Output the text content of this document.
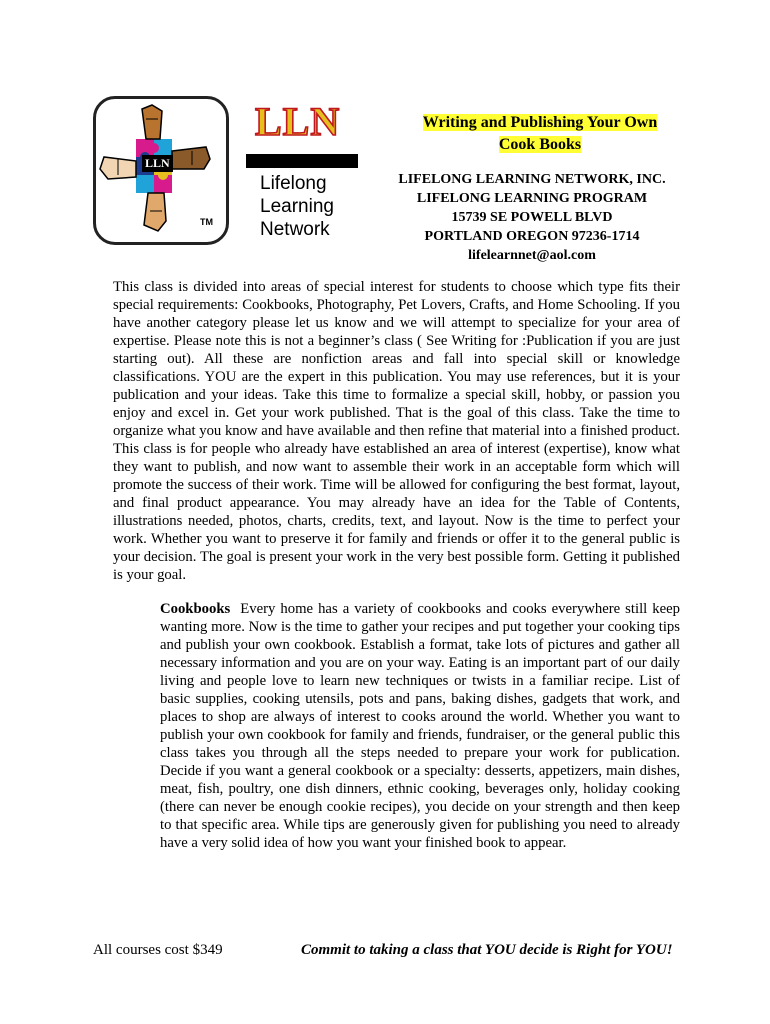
LLN
TM
LLN
Lifelong
Learning
Network
Writing and Publishing Your Own
Cook Books
LIFELONG LEARNING NETWORK, INC.
LIFELONG LEARNING PROGRAM
15739 SE POWELL BLVD
PORTLAND OREGON 97236-1714
lifelearnnet@aol.com
This class is divided into areas of special interest for students to choose which type fits their special requirements: Cookbooks, Photography, Pet Lovers, Crafts, and Home Schooling. If you have another category please let us know and we will attempt to specialize for your area of expertise. Please note this is not a beginner’s class ( See Writing for :Publication if you are just starting out). All these are nonfiction areas and fall into special skill or knowledge classifications. YOU are the expert in this publication. You may use references, but it is your publication and your ideas. Take this time to formalize a special skill, hobby, or passion you enjoy and excel in. Get your work published. That is the goal of this class. Take the time to organize what you know and have available and then refine that material into a finished product. This class is for people who already have established an area of interest (expertise), know what they want to publish, and now want to assemble their work in an acceptable form which will promote the success of their work. Time will be allowed for configuring the best format, layout, and final product appearance. You may already have an idea for the Table of Contents, illustrations needed, photos, charts, credits, text, and layout. Now is the time to perfect your work. Whether you want to preserve it for family and friends or offer it to the general public is your decision. The goal is present your work in the very best possible form. Getting it published is your goal.
Cookbooks Every home has a variety of cookbooks and cooks everywhere still keep wanting more. Now is the time to gather your recipes and put together your cooking tips and publish your own cookbook. Establish a format, take lots of pictures and gather all necessary information and you are on your way. Eating is an important part of our daily living and people love to learn new techniques or twists in a familiar recipe. List of basic supplies, cooking utensils, pots and pans, baking dishes, gadgets that work, and places to shop are always of interest to cooks around the world. Whether you want to publish your own cookbook for family and friends, fundraiser, or the general public this class takes you through all the steps needed to prepare your work for publication. Decide if you want a general cookbook or a specialty: desserts, appetizers, main dishes, meat, fish, poultry, one dish dinners, ethnic cooking, beverages only, holiday cooking (there can never be enough cookie recipes), you decide on your strength and then keep to that specific area. While tips are generously given for publishing you need to already have a very solid idea of how you want your finished book to appear.
All courses cost $349	Commit to taking a class that YOU decide is Right for YOU!
